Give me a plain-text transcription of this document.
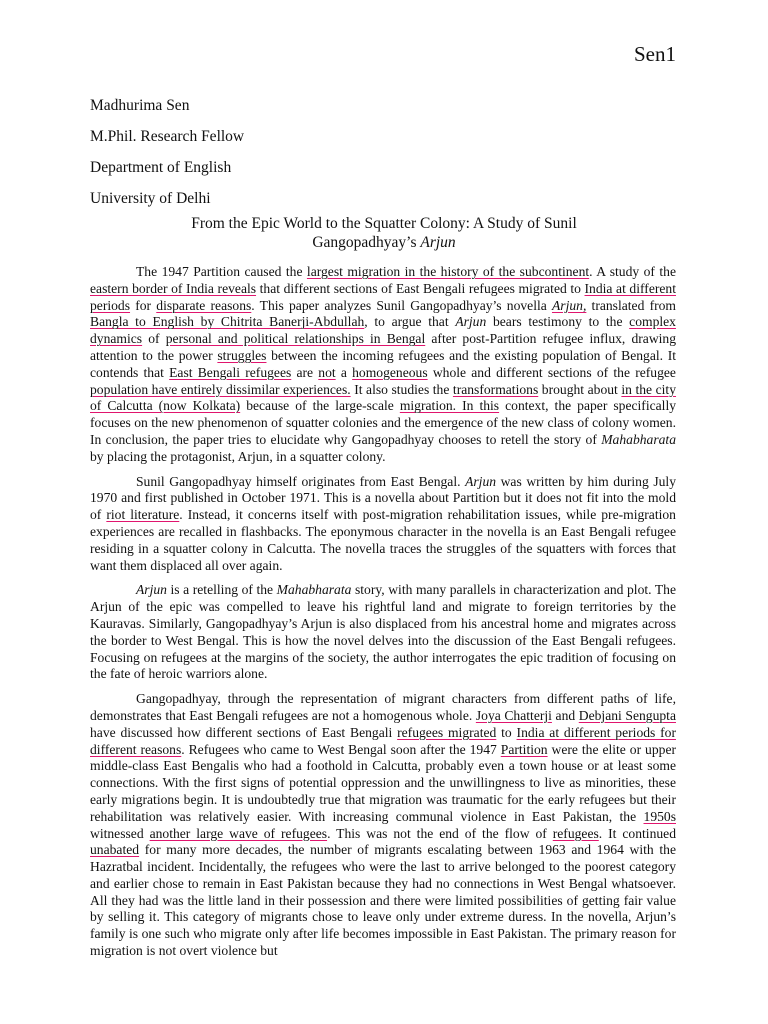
Sen1
Madhurima Sen
M.Phil. Research Fellow
Department of English
University of Delhi
From the Epic World to the Squatter Colony: A Study of Sunil
Gangopadhyay’s Arjun

The 1947 Partition caused the largest migration in the history of the subcontinent. A study of the eastern border of India reveals that different sections of East Bengali refugees migrated to India at different periods for disparate reasons. This paper analyzes Sunil Gangopadhyay’s novella Arjun, translated from Bangla to English by Chitrita Banerji-Abdullah, to argue that Arjun bears testimony to the complex dynamics of personal and political relationships in Bengal after post-Partition refugee influx, drawing attention to the power struggles between the incoming refugees and the existing population of Bengal. It contends that East Bengali refugees are not a homogeneous whole and different sections of the refugee population have entirely dissimilar experiences. It also studies the transformations brought about in the city of Calcutta (now Kolkata) because of the large-scale migration. In this context, the paper specifically focuses on the new phenomenon of squatter colonies and the emergence of the new class of colony women. In conclusion, the paper tries to elucidate why Gangopadhyay chooses to retell the story of Mahabharata by placing the protagonist, Arjun, in a squatter colony.

Sunil Gangopadhyay himself originates from East Bengal. Arjun was written by him during July 1970 and first published in October 1971. This is a novella about Partition but it does not fit into the mold of riot literature. Instead, it concerns itself with post-migration rehabilitation issues, while pre-migration experiences are recalled in flashbacks. The eponymous character in the novella is an East Bengali refugee residing in a squatter colony in Calcutta. The novella traces the struggles of the squatters with forces that want them displaced all over again.

Arjun is a retelling of the Mahabharata story, with many parallels in characterization and plot. The Arjun of the epic was compelled to leave his rightful land and migrate to foreign territories by the Kauravas. Similarly, Gangopadhyay’s Arjun is also displaced from his ancestral home and migrates across the border to West Bengal. This is how the novel delves into the discussion of the East Bengali refugees. Focusing on refugees at the margins of the society, the author interrogates the epic tradition of focusing on the fate of heroic warriors alone.

Gangopadhyay, through the representation of migrant characters from different paths of life, demonstrates that East Bengali refugees are not a homogenous whole. Joya Chatterji and Debjani Sengupta have discussed how different sections of East Bengali refugees migrated to India at different periods for different reasons. Refugees who came to West Bengal soon after the 1947 Partition were the elite or upper middle-class East Bengalis who had a foothold in Calcutta, probably even a town house or at least some connections. With the first signs of potential oppression and the unwillingness to live as minorities, these early migrations begin. It is undoubtedly true that migration was traumatic for the early refugees but their rehabilitation was relatively easier. With increasing communal violence in East Pakistan, the 1950s witnessed another large wave of refugees. This was not the end of the flow of refugees. It continued unabated for many more decades, the number of migrants escalating between 1963 and 1964 with the Hazratbal incident. Incidentally, the refugees who were the last to arrive belonged to the poorest category and earlier chose to remain in East Pakistan because they had no connections in West Bengal whatsoever. All they had was the little land in their possession and there were limited possibilities of getting fair value by selling it. This category of migrants chose to leave only under extreme duress. In the novella, Arjun’s family is one such who migrate only after life becomes impossible in East Pakistan. The primary reason for migration is not overt violence but
